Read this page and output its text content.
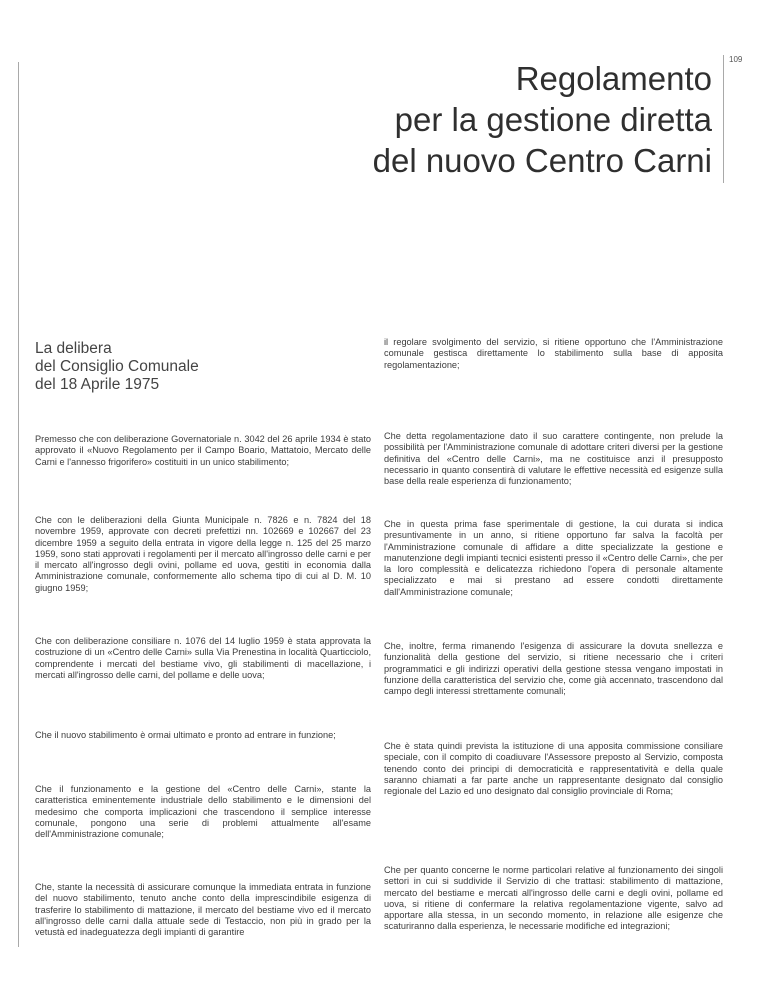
109
Regolamento
per la gestione diretta
del nuovo Centro Carni
La delibera
del Consiglio Comunale
del 18 Aprile 1975

Premesso che con deliberazione Governatoriale n. 3042 del 26 aprile 1934 è stato approvato il «Nuovo Regolamento per il Campo Boario, Mattatoio, Mercato delle Carni e l'annesso frigorifero» costituiti in un unico stabilimento;

Che con le deliberazioni della Giunta Municipale n. 7826 e n. 7824 del 18 novembre 1959, approvate con decreti prefettizi nn. 102669 e 102667 del 23 dicembre 1959 a seguito della entrata in vigore della legge n. 125 del 25 marzo 1959, sono stati approvati i regolamenti per il mercato all'ingrosso delle carni e per il mercato all'ingrosso degli ovini, pollame ed uova, gestiti in economia dalla Amministrazione comunale, conformemente allo schema tipo di cui al D. M. 10 giugno 1959;

Che con deliberazione consiliare n. 1076 del 14 luglio 1959 è stata approvata la costruzione di un «Centro delle Carni» sulla Via Prenestina in località Quarticciolo, comprendente i mercati del bestiame vivo, gli stabilimenti di macellazione, i mercati all'ingrosso delle carni, del pollame e delle uova;

Che il nuovo stabilimento è ormai ultimato e pronto ad entrare in funzione;

Che il funzionamento e la gestione del «Centro delle Carni», stante la caratteristica eminentemente industriale dello stabilimento e le dimensioni del medesimo che comporta implicazioni che trascendono il semplice interesse comunale, pongono una serie di problemi attualmente all'esame dell'Amministrazione comunale;

Che, stante la necessità di assicurare comunque la immediata entrata in funzione del nuovo stabilimento, tenuto anche conto della imprescindibile esigenza di trasferire lo stabilimento di mattazione, il mercato del bestiame vivo ed il mercato all'ingrosso delle carni dalla attuale sede di Testaccio, non più in grado per la vetustà ed inadeguatezza degli impianti di garantire

il regolare svolgimento del servizio, si ritiene opportuno che l'Amministrazione comunale gestisca direttamente lo stabilimento sulla base di apposita regolamentazione;

Che detta regolamentazione dato il suo carattere contingente, non prelude la possibilità per l'Amministrazione comunale di adottare criteri diversi per la gestione definitiva del «Centro delle Carni», ma ne costituisce anzi il presupposto necessario in quanto consentirà di valutare le effettive necessità ed esigenze sulla base della reale esperienza di funzionamento;

Che in questa prima fase sperimentale di gestione, la cui durata si indica presuntivamente in un anno, si ritiene opportuno far salva la facoltà per l'Amministrazione comunale di affidare a ditte specializzate la gestione e manutenzione degli impianti tecnici esistenti presso il «Centro delle Carni», che per la loro complessità e delicatezza richiedono l'opera di personale altamente specializzato e mai si prestano ad essere condotti direttamente dall'Amministrazione comunale;

Che, inoltre, ferma rimanendo l'esigenza di assicurare la dovuta snellezza e funzionalità della gestione del servizio, si ritiene necessario che i criteri programmatici e gli indirizzi operativi della gestione stessa vengano impostati in funzione della caratteristica del servizio che, come già accennato, trascendono dal campo degli interessi strettamente comunali;

Che è stata quindi prevista la istituzione di una apposita commissione consiliare speciale, con il compito di coadiuvare l'Assessore preposto al Servizio, composta tenendo conto dei principi di democraticità e rappresentatività e della quale saranno chiamati a far parte anche un rappresentante designato dal consiglio regionale del Lazio ed uno designato dal consiglio provinciale di Roma;

Che per quanto concerne le norme particolari relative al funzionamento dei singoli settori in cui si suddivide il Servizio di che trattasi: stabilimento di mattazione, mercato del bestiame e mercati all'ingrosso delle carni e degli ovini, pollame ed uova, si ritiene di confermare la relativa regolamentazione vigente, salvo ad apportare alla stessa, in un secondo momento, in relazione alle esigenze che scaturiranno dalla esperienza, le necessarie modifiche ed integrazioni;
